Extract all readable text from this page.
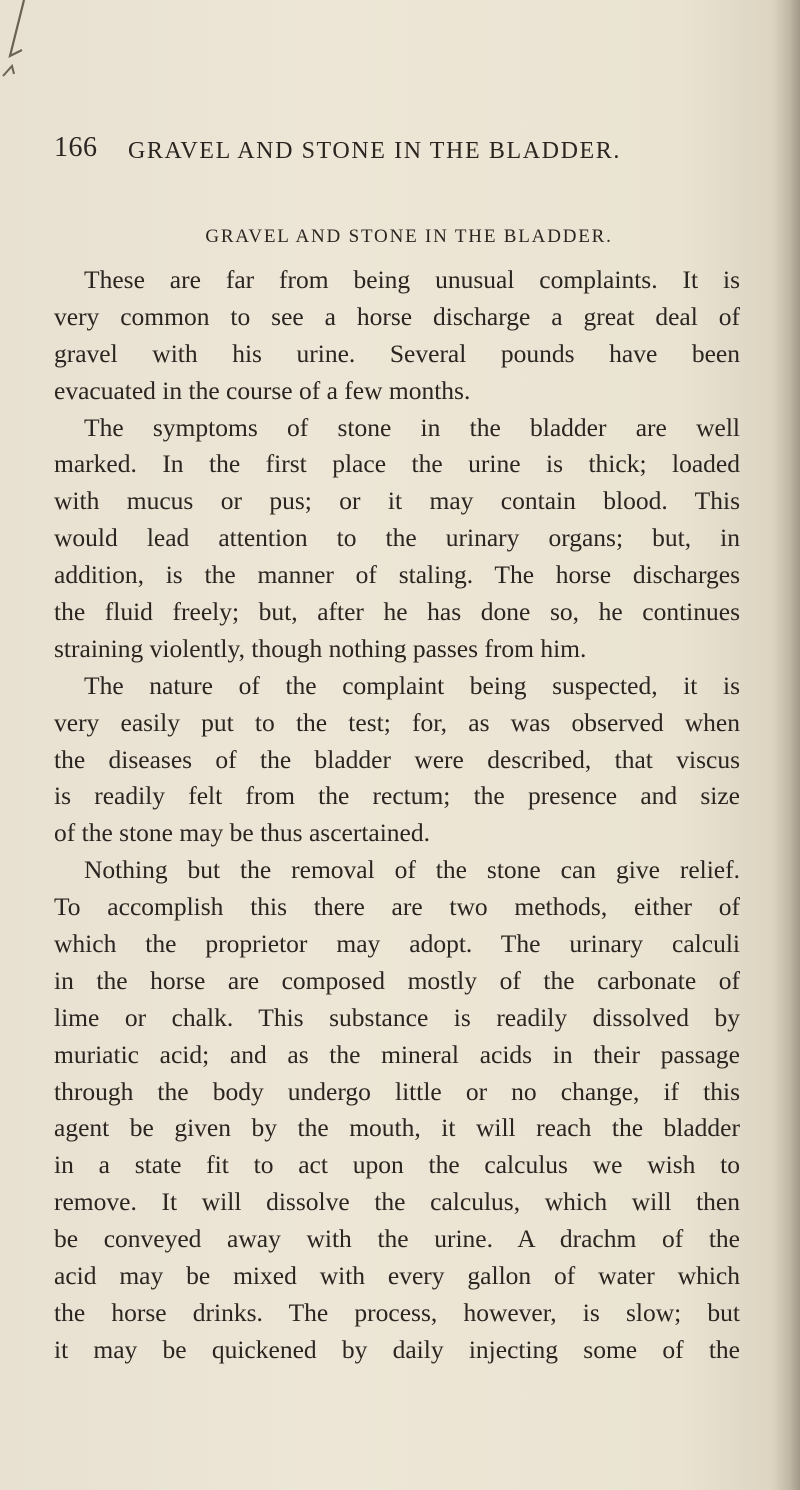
166 GRAVEL AND STONE IN THE BLADDER.
GRAVEL AND STONE IN THE BLADDER.
These are far from being unusual complaints. It is
very common to see a horse discharge a great deal of
gravel with his urine. Several pounds have been
evacuated in the course of a few months.
The symptoms of stone in the bladder are well
marked. In the first place the urine is thick; loaded
with mucus or pus; or it may contain blood. This
would lead attention to the urinary organs; but, in
addition, is the manner of staling. The horse discharges
the fluid freely; but, after he has done so, he continues
straining violently, though nothing passes from him.
The nature of the complaint being suspected, it is
very easily put to the test; for, as was observed when
the diseases of the bladder were described, that viscus
is readily felt from the rectum; the presence and size
of the stone may be thus ascertained.
Nothing but the removal of the stone can give relief.
To accomplish this there are two methods, either of
which the proprietor may adopt. The urinary calculi
in the horse are composed mostly of the carbonate of
lime or chalk. This substance is readily dissolved by
muriatic acid; and as the mineral acids in their passage
through the body undergo little or no change, if this
agent be given by the mouth, it will reach the bladder
in a state fit to act upon the calculus we wish to
remove. It will dissolve the calculus, which will then
be conveyed away with the urine. A drachm of the
acid may be mixed with every gallon of water which
the horse drinks. The process, however, is slow; but
it may be quickened by daily injecting some of the
